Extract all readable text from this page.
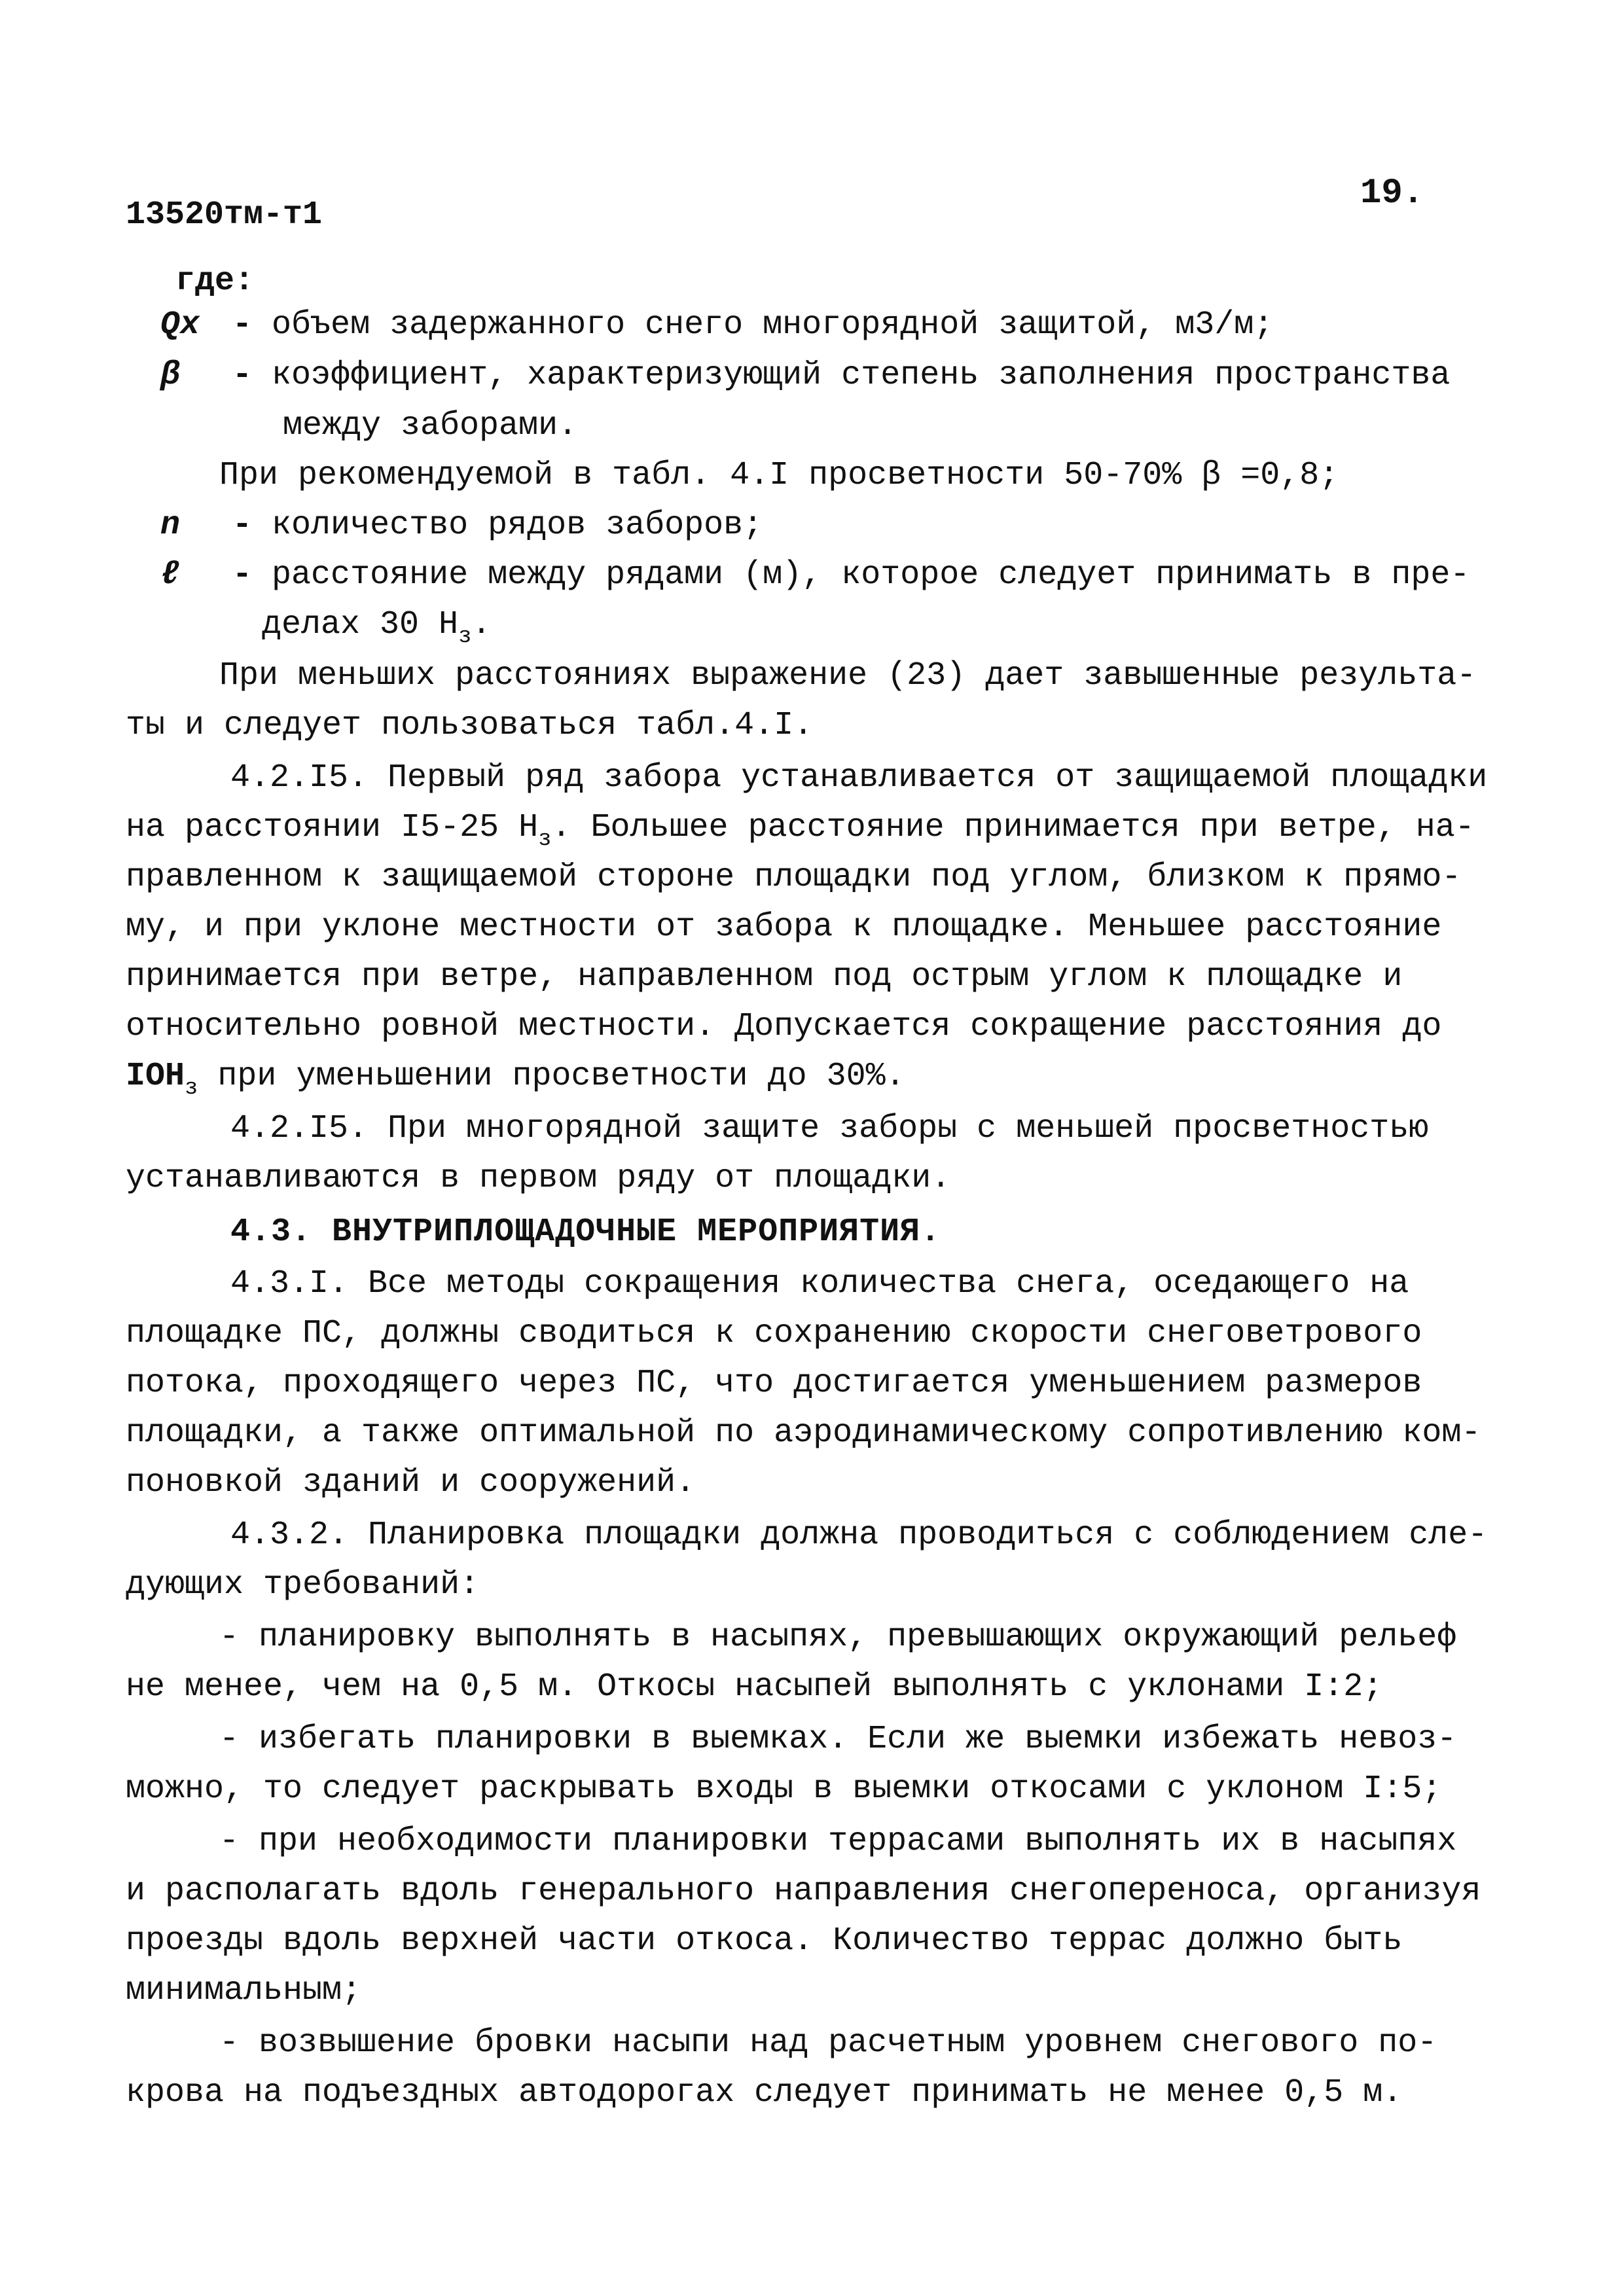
13520тм-т1
19.
где:
Qх - объем задержанного снего многорядной защитой, м3/м;
β - коэффициент, характеризующий степень заполнения пространства
между заборами.
При рекомендуемой в табл. 4.I просветности 50-70% β =0,8;
n - количество рядов заборов;
ℓ - расстояние между рядами (м), которое следует принимать в пре-
делах 30 $H_з$.
При меньших расстояниях выражение (23) дает завышенные результа-
ты и следует пользоваться табл.4.I.
4.2.I5. Первый ряд забора устанавливается от защищаемой площадки
на расстоянии I5-25 $H_з$. Большее расстояние принимается при ветре, на-
правленном к защищаемой стороне площадки под углом, близком к прямо-
му, и при уклоне местности от забора к площадке. Меньшее расстояние
принимается при ветре, направленном под острым углом к площадке и
относительно ровной местности. Допускается сокращение расстояния до
$IOH_з$ при уменьшении просветности до 30%.
4.2.I5. При многорядной защите заборы с меньшей просветностью
устанавливаются в первом ряду от площадки.
4.3. ВНУТРИПЛОЩАДОЧНЫЕ МЕРОПРИЯТИЯ.
4.3.I. Все методы сокращения количества снега, оседающего на
площадке ПС, должны сводиться к сохранению скорости снеговетрового
потока, проходящего через ПС, что достигается уменьшением размеров
площадки, а также оптимальной по аэродинамическому сопротивлению ком-
поновкой зданий и сооружений.
4.3.2. Планировка площадки должна проводиться с соблюдением сле-
дующих требований:
- планировку выполнять в насыпях, превышающих окружающий рельеф
не менее, чем на 0,5 м. Откосы насыпей выполнять с уклонами I:2;
- избегать планировки в выемках. Если же выемки избежать невоз-
можно, то следует раскрывать входы в выемки откосами с уклоном I:5;
- при необходимости планировки террасами выполнять их в насыпях
и располагать вдоль генерального направления снегопереноса, организуя
проезды вдоль верхней части откоса. Количество террас должно быть
минимальным;
- возвышение бровки насыпи над расчетным уровнем снегового по-
крова на подъездных автодорогах следует принимать не менее 0,5 м.
